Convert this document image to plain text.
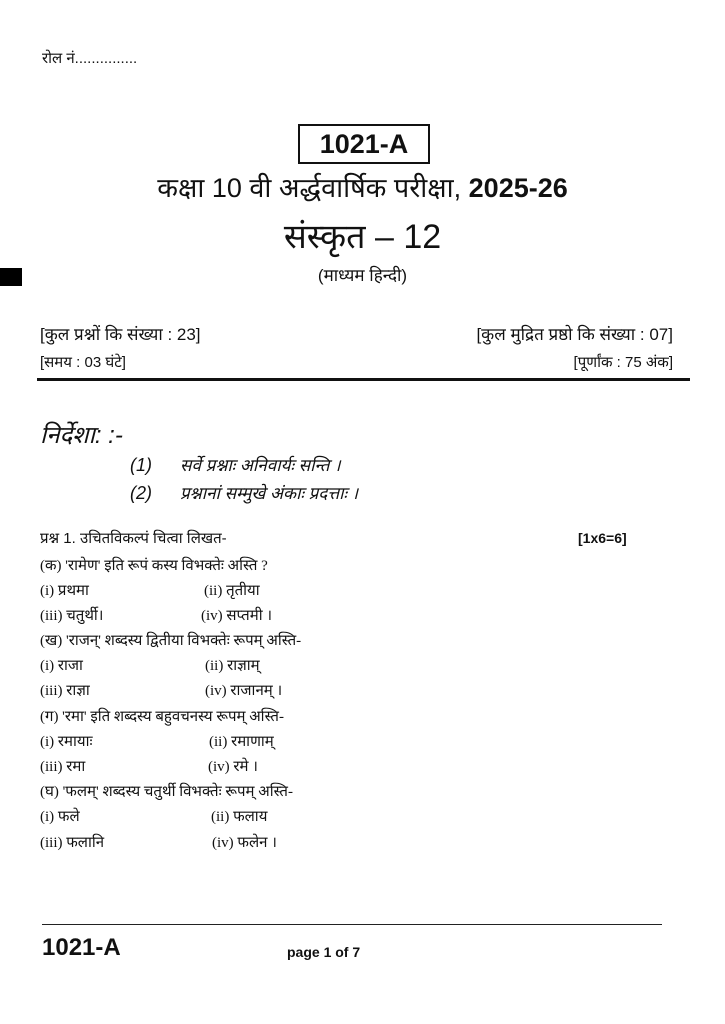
रोल नं...............
1021-A
कक्षा 10 वी अर्द्धवार्षिक परीक्षा, 2025-26
संस्कृत – 12
(माध्यम हिन्दी)
[कुल प्रश्नों कि संख्या : 23]	[कुल मुद्रित प्रष्ठो कि संख्या : 07]
[समय : 03 घंटे]	[पूर्णांक : 75 अंक]
निर्देशा: :-
(1) सर्वे प्रश्नाः अनिवार्यः सन्ति ।
(2) प्रश्नानां सम्मुखे अंकाः प्रदत्ताः ।
प्रश्न 1. उचितविकल्पं चित्वा लिखत-	[1x6=6]
(क) 'रामेण' इति रूपं कस्य विभक्तेः अस्ति ?
(i) प्रथमा	(ii) तृतीया
(iii) चतुर्थी।	(iv) सप्तमी ।
(ख) 'राजन्' शब्दस्य द्वितीया विभक्तेः रूपम् अस्ति-
(i) राजा	(ii) राज्ञाम्
(iii) राज्ञा	(iv) राजानम् ।
(ग) 'रमा' इति शब्दस्य बहुवचनस्य रूपम् अस्ति-
(i) रमायाः	(ii) रमाणाम्
(iii) रमा	(iv) रमे ।
(घ) 'फलम्' शब्दस्य चतुर्थी विभक्तेः रूपम् अस्ति-
(i) फले	(ii) फलाय
(iii) फलानि	(iv) फलेन ।
1021-A	page 1 of 7
